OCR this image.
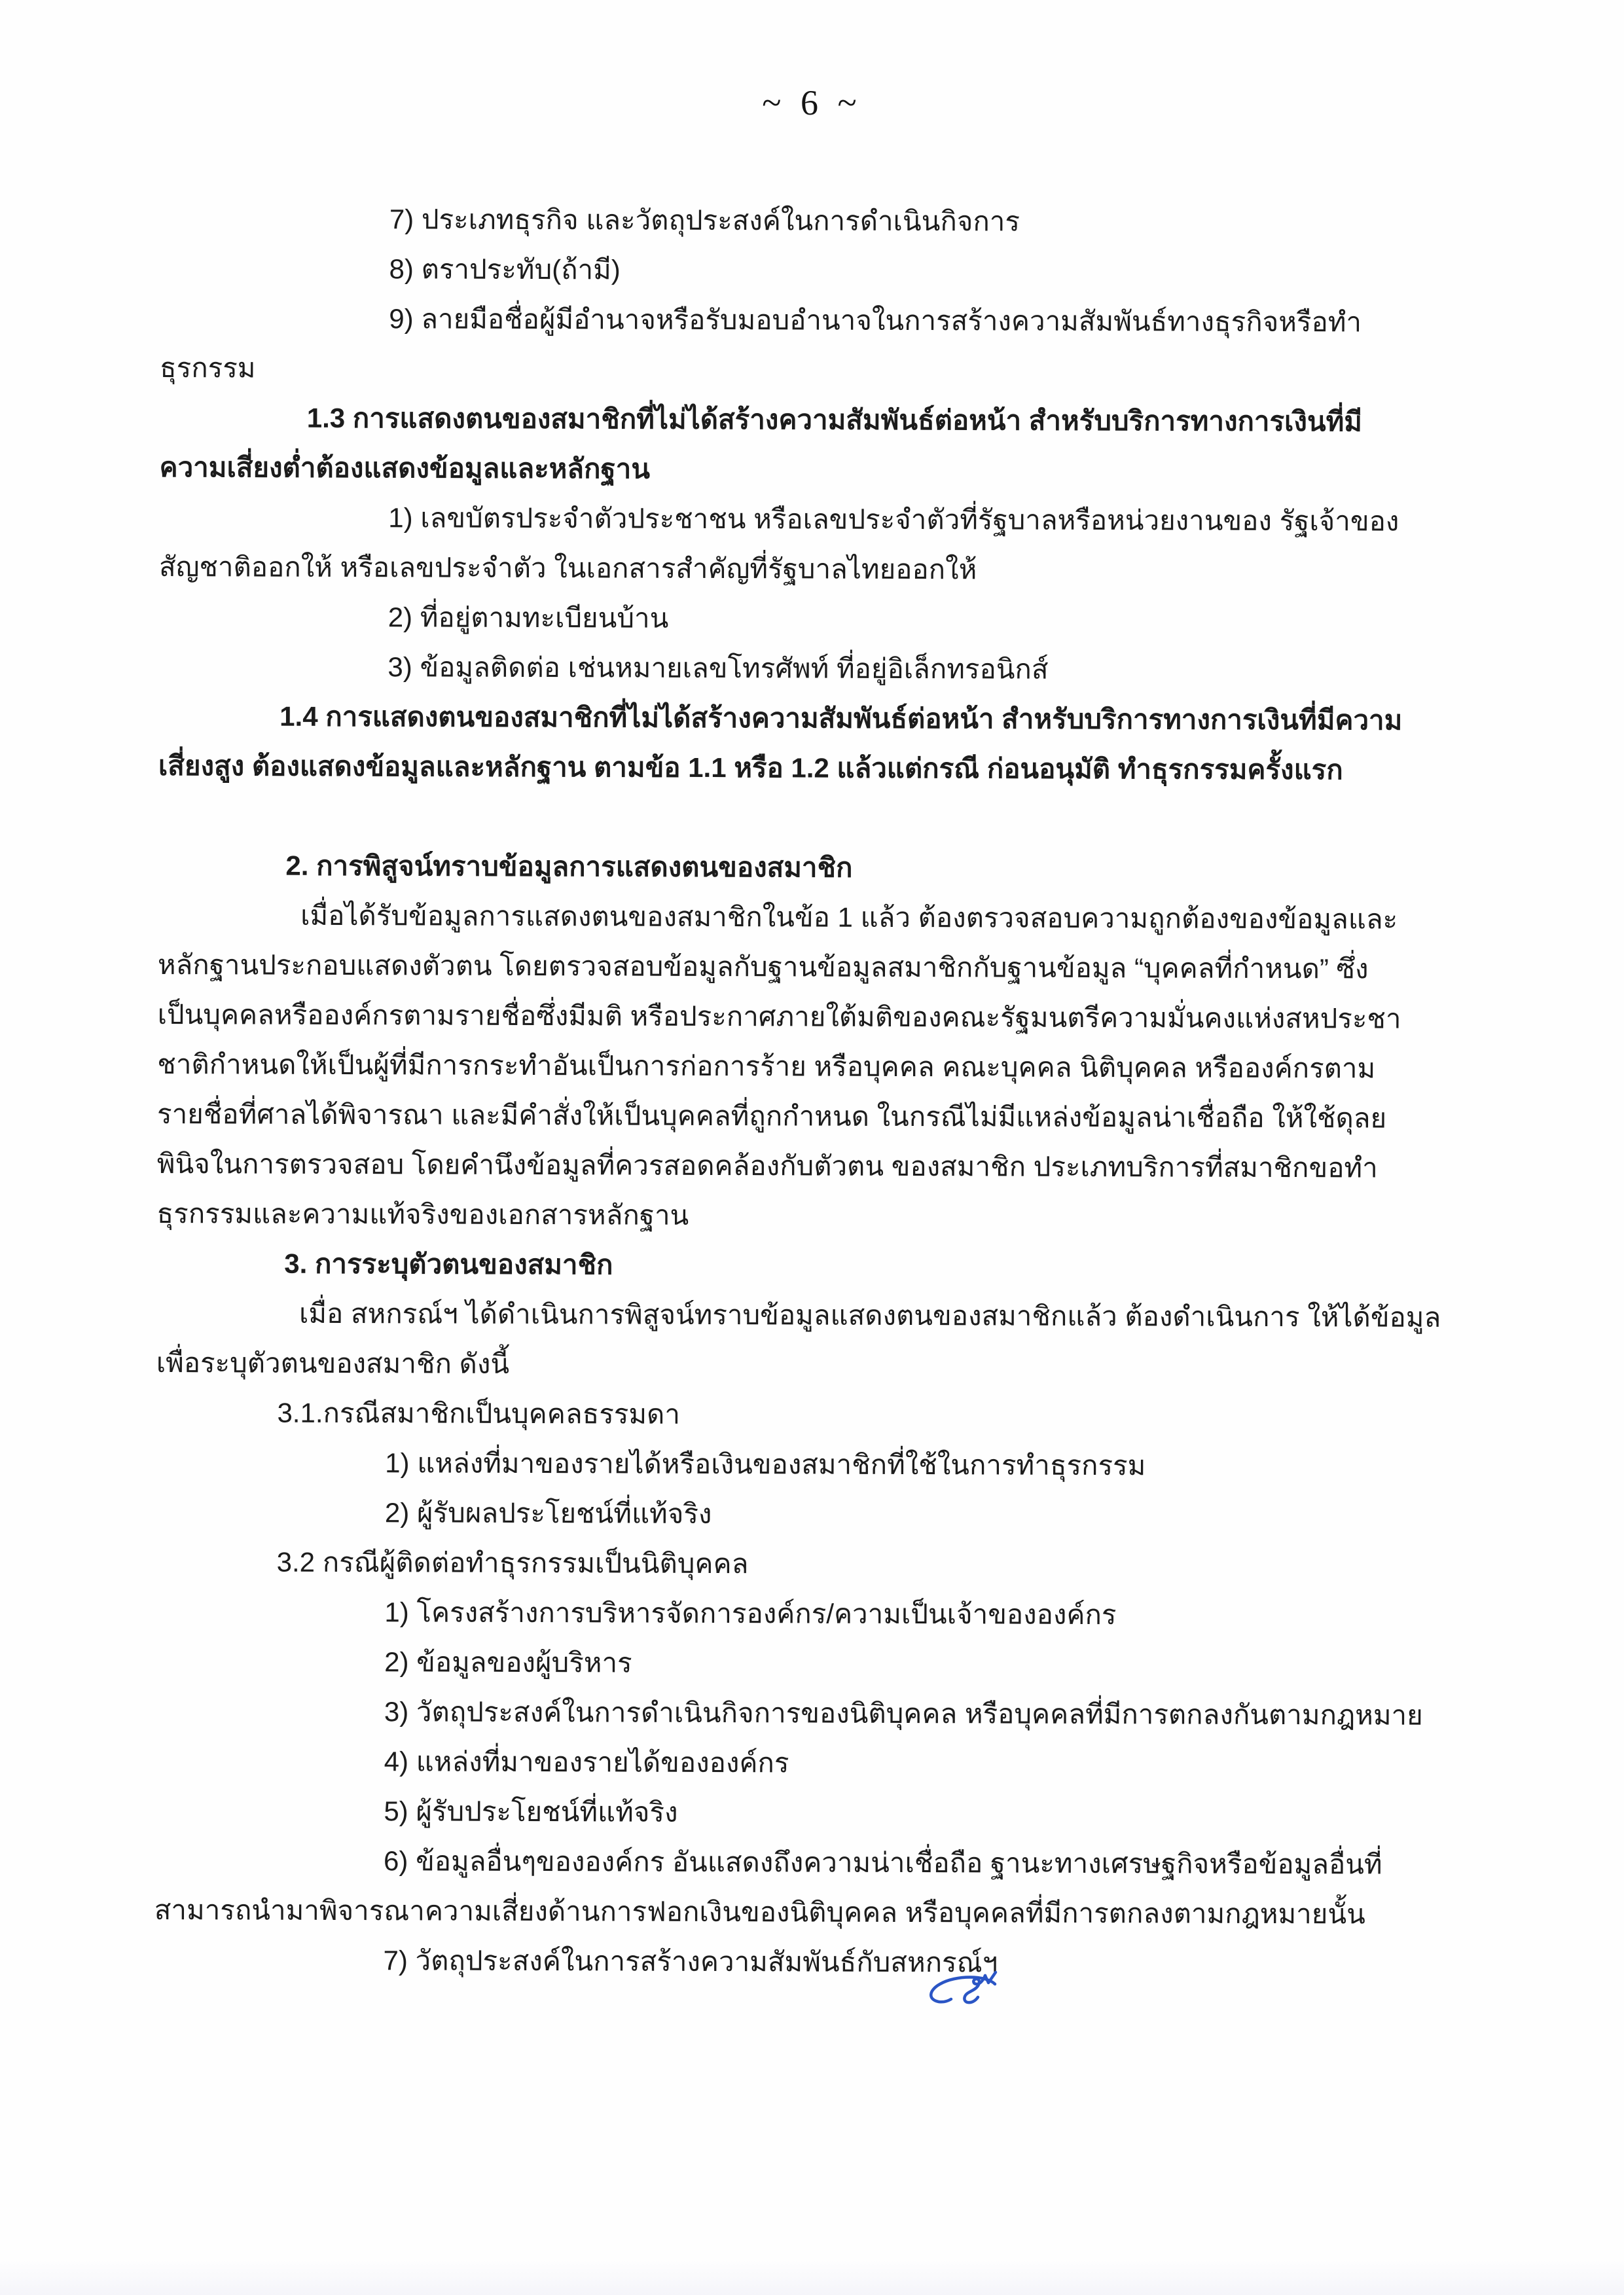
~ 6 ~
7) ประเภทธุรกิจ และวัตถุประสงค์ในการดำเนินกิจการ
8) ตราประทับ(ถ้ามี)
9) ลายมือชื่อผู้มีอำนาจหรือรับมอบอำนาจในการสร้างความสัมพันธ์ทางธุรกิจหรือทำ
ธุรกรรม
1.3 การแสดงตนของสมาชิกที่ไม่ได้สร้างความสัมพันธ์ต่อหน้า สำหรับบริการทางการเงินที่มี
ความเสี่ยงต่ำต้องแสดงข้อมูลและหลักฐาน
1) เลขบัตรประจำตัวประชาชน หรือเลขประจำตัวที่รัฐบาลหรือหน่วยงานของ รัฐเจ้าของ
สัญชาติออกให้ หรือเลขประจำตัว ในเอกสารสำคัญที่รัฐบาลไทยออกให้
2) ที่อยู่ตามทะเบียนบ้าน
3) ข้อมูลติดต่อ เช่นหมายเลขโทรศัพท์ ที่อยู่อิเล็กทรอนิกส์
1.4 การแสดงตนของสมาชิกที่ไม่ได้สร้างความสัมพันธ์ต่อหน้า สำหรับบริการทางการเงินที่มีความ
เสี่ยงสูง ต้องแสดงข้อมูลและหลักฐาน ตามข้อ 1.1 หรือ 1.2 แล้วแต่กรณี ก่อนอนุมัติ ทำธุรกรรมครั้งแรก
2. การพิสูจน์ทราบข้อมูลการแสดงตนของสมาชิก
เมื่อได้รับข้อมูลการแสดงตนของสมาชิกในข้อ 1 แล้ว ต้องตรวจสอบความถูกต้องของข้อมูลและ
หลักฐานประกอบแสดงตัวตน โดยตรวจสอบข้อมูลกับฐานข้อมูลสมาชิกกับฐานข้อมูล “บุคคลที่กำหนด” ซึ่ง
เป็นบุคคลหรือองค์กรตามรายชื่อซึ่งมีมติ หรือประกาศภายใต้มติของคณะรัฐมนตรีความมั่นคงแห่งสหประชา
ชาติกำหนดให้เป็นผู้ที่มีการกระทำอันเป็นการก่อการร้าย หรือบุคคล คณะบุคคล นิติบุคคล หรือองค์กรตาม
รายชื่อที่ศาลได้พิจารณา และมีคำสั่งให้เป็นบุคคลที่ถูกกำหนด ในกรณีไม่มีแหล่งข้อมูลน่าเชื่อถือ ให้ใช้ดุลย
พินิจในการตรวจสอบ โดยคำนึงข้อมูลที่ควรสอดคล้องกับตัวตน ของสมาชิก ประเภทบริการที่สมาชิกขอทำ
ธุรกรรมและความแท้จริงของเอกสารหลักฐาน
3. การระบุตัวตนของสมาชิก
เมื่อ สหกรณ์ฯ ได้ดำเนินการพิสูจน์ทราบข้อมูลแสดงตนของสมาชิกแล้ว ต้องดำเนินการ ให้ได้ข้อมูล
เพื่อระบุตัวตนของสมาชิก ดังนี้
3.1.กรณีสมาชิกเป็นบุคคลธรรมดา
1) แหล่งที่มาของรายได้หรือเงินของสมาชิกที่ใช้ในการทำธุรกรรม
2) ผู้รับผลประโยชน์ที่แท้จริง
3.2 กรณีผู้ติดต่อทำธุรกรรมเป็นนิติบุคคล
1) โครงสร้างการบริหารจัดการองค์กร/ความเป็นเจ้าขององค์กร
2) ข้อมูลของผู้บริหาร
3) วัตถุประสงค์ในการดำเนินกิจการของนิติบุคคล หรือบุคคลที่มีการตกลงกันตามกฎหมาย
4) แหล่งที่มาของรายได้ขององค์กร
5) ผู้รับประโยชน์ที่แท้จริง
6) ข้อมูลอื่นๆขององค์กร อันแสดงถึงความน่าเชื่อถือ ฐานะทางเศรษฐกิจหรือข้อมูลอื่นที่
สามารถนำมาพิจารณาความเสี่ยงด้านการฟอกเงินของนิติบุคคล หรือบุคคลที่มีการตกลงตามกฎหมายนั้น
7) วัตถุประสงค์ในการสร้างความสัมพันธ์กับสหกรณ์ฯ
